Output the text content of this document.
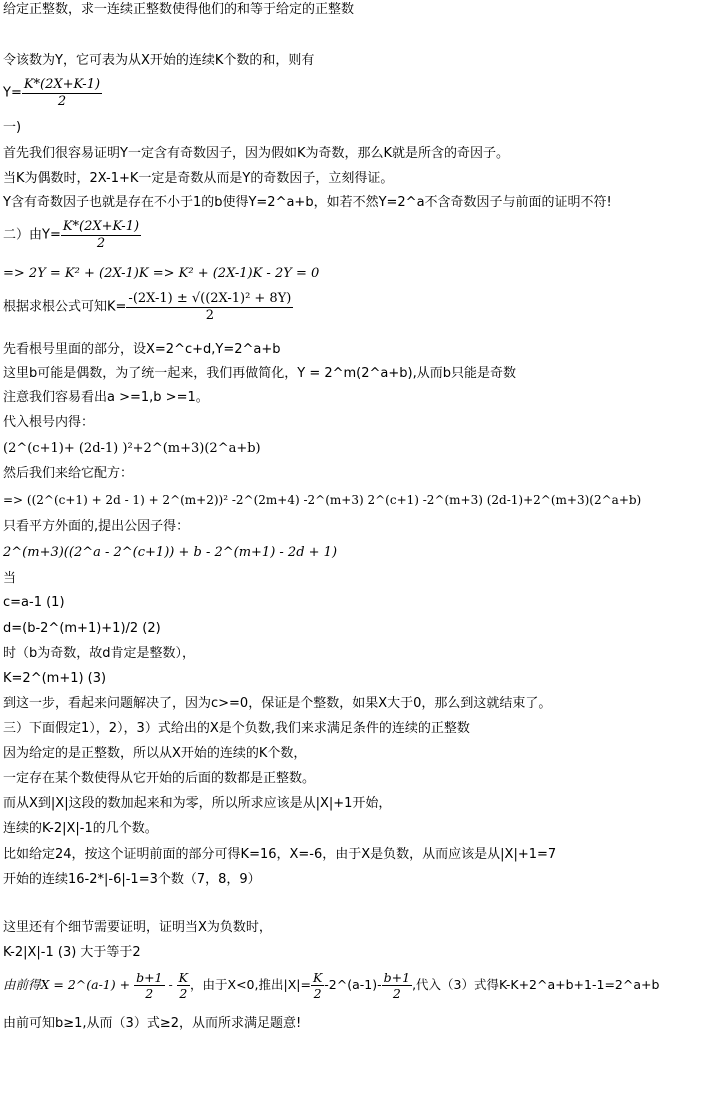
给定正整数，求一连续正整数使得他们的和等于给定的正整数
令该数为Y，它可表为从X开始的连续K个数的和，则有
$Y= \frac{K*(2X+K-1)}{2}$
一)
首先我们很容易证明Y一定含有奇数因子，因为假如K为奇数，那么K就是所含的奇因子。
当K为偶数时，2X-1+K一定是奇数从而是Y的奇数因子，立刻得证。
Y含有奇数因子也就是存在不小于1的b使得Y=2^a+b，如若不然Y=2^a不含奇数因子与前面的证明不符!
二）由$Y= \frac{K*(2X+K-1)}{2}$
=> 2Y = K² + (2X-1)K => K² + (2X-1)K - 2Y = 0
根据求根公式可知$K= \frac{\text{-(2X-1) ± √((2X-1)² + 8Y)}}{2}$
先看根号里面的部分，设X=2^c+d,Y=2^a+b
这里b可能是偶数，为了统一起来，我们再做简化，Y = 2^m(2^a+b),从而b只能是奇数
注意我们容易看出a >=1,b >=1。
代入根号内得：
(2^(c+1)+ (2d-1) )²+2^(m+3)(2^a+b)
然后我们来给它配方：
=> ((2^(c+1) + 2d - 1) + 2^(m+2))² -2^(2m+4) -2^(m+3) 2^(c+1) -2^(m+3) (2d-1)+2^(m+3)(2^a+b)
只看平方外面的,提出公因子得：
2^(m+3)((2^a - 2^(c+1)) + b - 2^(m+1) - 2d + 1)
当
c=a-1 (1)
d=(b-2^(m+1)+1)/2 (2)
时（b为奇数，故d肯定是整数），
K=2^(m+1) (3)
到这一步，看起来问题解决了，因为c>=0，保证是个整数，如果X大于0，那么到这就结束了。
三）下面假定1），2），3）式给出的X是个负数,我们来求满足条件的连续的正整数
因为给定的是正整数，所以从X开始的连续的K个数，
一定存在某个数使得从它开始的后面的数都是正整数。
而从X到|X|这段的数加起来和为零，所以所求应该是从|X|+1开始，
连续的K-2|X|-1的几个数。
比如给定24，按这个证明前面的部分可得K=16，X=-6，由于X是负数，从而应该是从|X|+1=7
开始的连续16-2*|-6|-1=3个数（7，8，9）
这里还有个细节需要证明，证明当X为负数时，
K-2|X|-1 (3) 大于等于2
由前得X = 2^(a-1) + $\frac{b+1}{2} - \frac{K}{2}$ ，由于X<0,推出$|X|= \frac{K}{2}$ -2^(a-1)- $\frac{b+1}{2}$ ,代入（3）式得K-K+2^a+b+1-1=2^a+b
由前可知b≥1,从而（3）式≥2，从而所求满足题意!
